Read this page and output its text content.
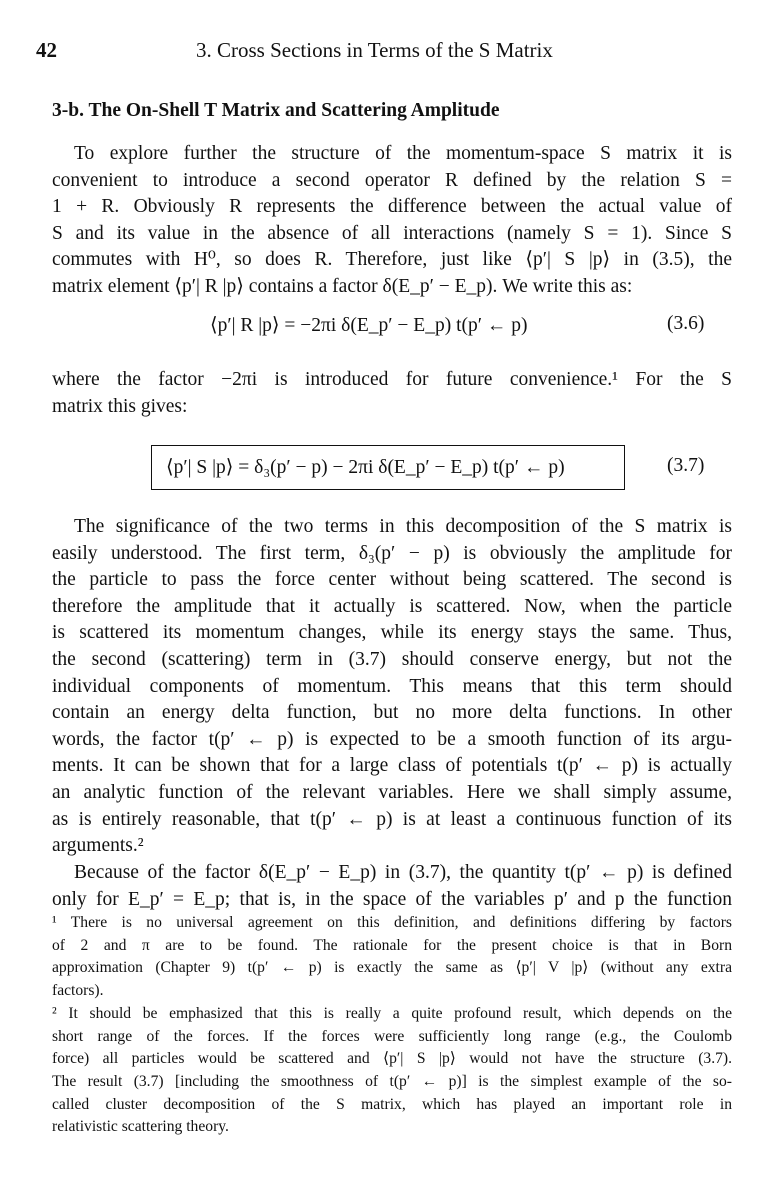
42	3. Cross Sections in Terms of the S Matrix
3-b. The On-Shell T Matrix and Scattering Amplitude
To explore further the structure of the momentum-space S matrix it is
convenient to introduce a second operator R defined by the relation S =
1 + R. Obviously R represents the difference between the actual value of
S and its value in the absence of all interactions (namely S = 1). Since S
commutes with H⁰, so does R. Therefore, just like ⟨p′| S |p⟩ in (3.5), the
matrix element ⟨p′| R |p⟩ contains a factor δ(E_p′ − E_p). We write this as:
⟨p′| R |p⟩ = −2πi δ(E_p′ − E_p) t(p′ ← p)	(3.6)
where the factor −2πi is introduced for future convenience.¹ For the S
matrix this gives:
⟨p′| S |p⟩ = δ₃(p′ − p) − 2πi δ(E_p′ − E_p) t(p′ ← p)	(3.7)
The significance of the two terms in this decomposition of the S matrix is
easily understood. The first term, δ₃(p′ − p) is obviously the amplitude for
the particle to pass the force center without being scattered. The second is
therefore the amplitude that it actually is scattered. Now, when the particle
is scattered its momentum changes, while its energy stays the same. Thus,
the second (scattering) term in (3.7) should conserve energy, but not the
individual components of momentum. This means that this term should
contain an energy delta function, but no more delta functions. In other
words, the factor t(p′ ← p) is expected to be a smooth function of its argu-
ments. It can be shown that for a large class of potentials t(p′ ← p) is actually
an analytic function of the relevant variables. Here we shall simply assume,
as is entirely reasonable, that t(p′ ← p) is at least a continuous function of its
arguments.²
Because of the factor δ(E_p′ − E_p) in (3.7), the quantity t(p′ ← p) is defined
only for E_p′ = E_p; that is, in the space of the variables p′ and p the function
¹ There is no universal agreement on this definition, and definitions differing by factors
of 2 and π are to be found. The rationale for the present choice is that in Born
approximation (Chapter 9) t(p′ ← p) is exactly the same as ⟨p′| V |p⟩ (without any extra
factors).
² It should be emphasized that this is really a quite profound result, which depends on the
short range of the forces. If the forces were sufficiently long range (e.g., the Coulomb
force) all particles would be scattered and ⟨p′| S |p⟩ would not have the structure (3.7).
The result (3.7) [including the smoothness of t(p′ ← p)] is the simplest example of the so-
called cluster decomposition of the S matrix, which has played an important role in
relativistic scattering theory.
